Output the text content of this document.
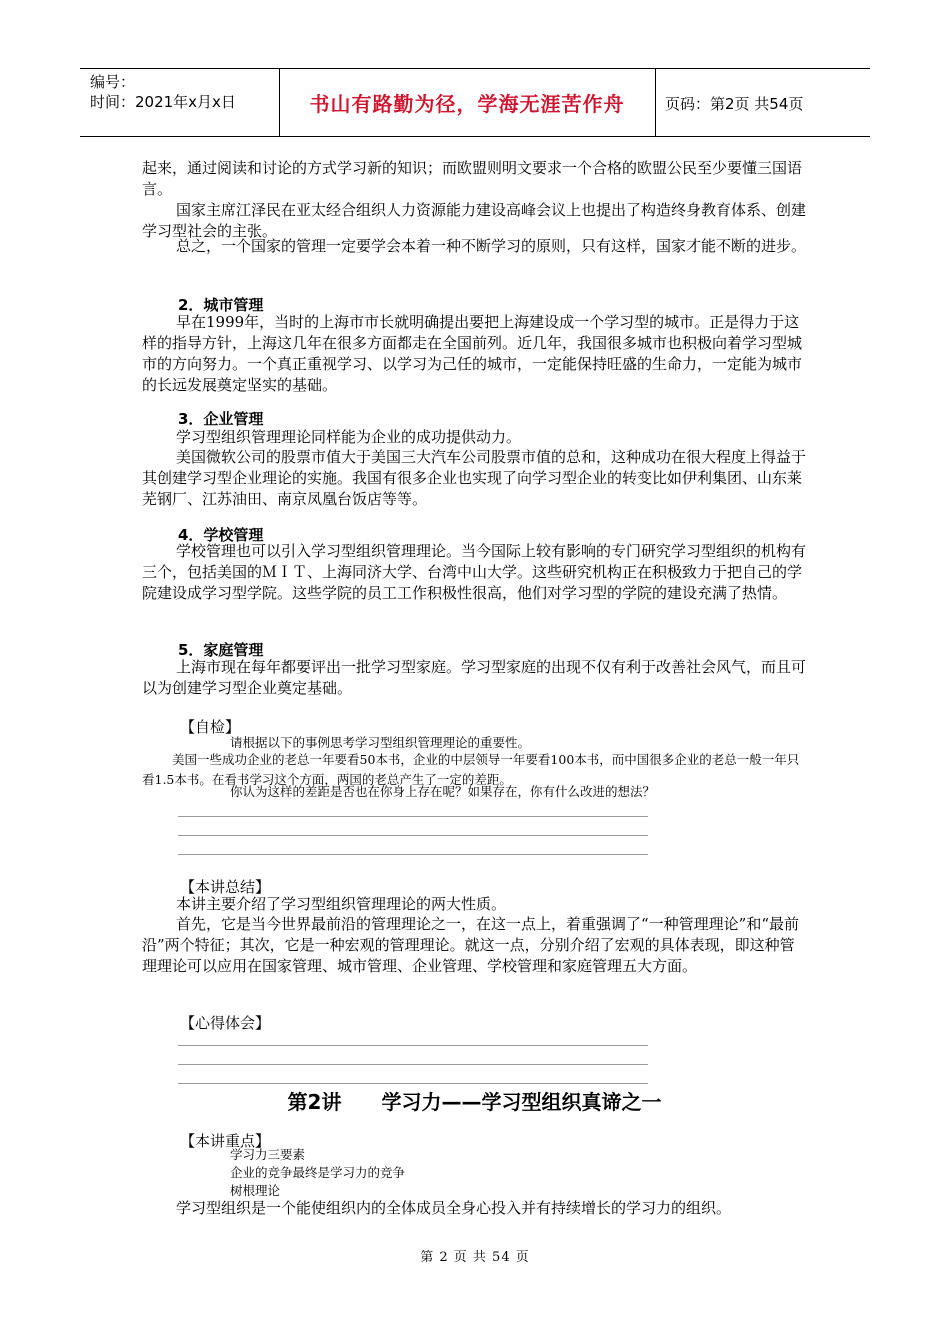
编号：
时间：2021年x月x日	书山有路勤为径，学海无涯苦作舟	页码：第2页 共54页
起来，通过阅读和讨论的方式学习新的知识；而欧盟则明文要求一个合格的欧盟公民至少要懂三国语言。
国家主席江泽民在亚太经合组织人力资源能力建设高峰会议上也提出了构造终身教育体系、创建学习型社会的主张。
总之，一个国家的管理一定要学会本着一种不断学习的原则，只有这样，国家才能不断的进步。
2．城市管理
早在1999年，当时的上海市市长就明确提出要把上海建设成一个学习型的城市。正是得力于这样的指导方针，上海这几年在很多方面都走在全国前列。近几年，我国很多城市也积极向着学习型城市的方向努力。一个真正重视学习、以学习为己任的城市，一定能保持旺盛的生命力，一定能为城市的长远发展奠定坚实的基础。
3．企业管理
学习型组织管理理论同样能为企业的成功提供动力。
美国微软公司的股票市值大于美国三大汽车公司股票市值的总和，这种成功在很大程度上得益于其创建学习型企业理论的实施。我国有很多企业也实现了向学习型企业的转变比如伊利集团、山东莱芜钢厂、江苏油田、南京凤凰台饭店等等。
4．学校管理
学校管理也可以引入学习型组织管理理论。当今国际上较有影响的专门研究学习型组织的机构有三个，包括美国的ＭＩＴ、上海同济大学、台湾中山大学。这些研究机构正在积极致力于把自己的学院建设成学习型学院。这些学院的员工工作积极性很高，他们对学习型的学院的建设充满了热情。
5．家庭管理
上海市现在每年都要评出一批学习型家庭。学习型家庭的出现不仅有利于改善社会风气，而且可以为创建学习型企业奠定基础。
【自检】
请根据以下的事例思考学习型组织管理理论的重要性。
美国一些成功企业的老总一年要看50本书，企业的中层领导一年要看100本书，而中国很多企业的老总一般一年只看1.5本书。在看书学习这个方面，两国的老总产生了一定的差距。
你认为这样的差距是否也在你身上存在呢？如果存在，你有什么改进的想法？
【本讲总结】
本讲主要介绍了学习型组织管理理论的两大性质。
首先，它是当今世界最前沿的管理理论之一，在这一点上，着重强调了“一种管理理论”和“最前沿”两个特征；其次，它是一种宏观的管理理论。就这一点，分别介绍了宏观的具体表现，即这种管理理论可以应用在国家管理、城市管理、企业管理、学校管理和家庭管理五大方面。
【心得体会】
第2讲　　学习力——学习型组织真谛之一
【本讲重点】
学习力三要素
企业的竞争最终是学习力的竞争
树根理论
学习型组织是一个能使组织内的全体成员全身心投入并有持续增长的学习力的组织。
第 2 页 共 54 页
